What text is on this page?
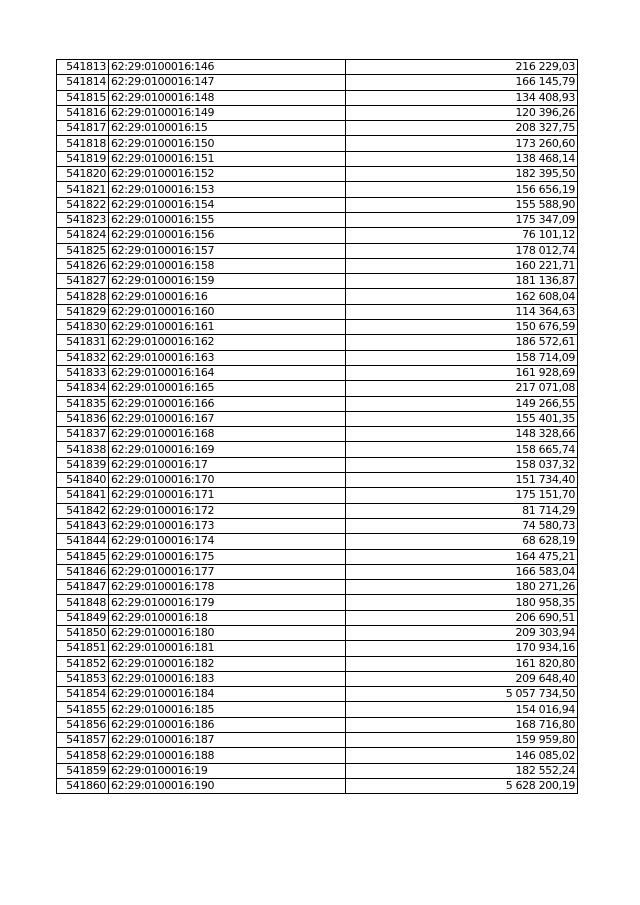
541813	62:29:0100016:146	216 229,03
541814	62:29:0100016:147	166 145,79
541815	62:29:0100016:148	134 408,93
541816	62:29:0100016:149	120 396,26
541817	62:29:0100016:15	208 327,75
541818	62:29:0100016:150	173 260,60
541819	62:29:0100016:151	138 468,14
541820	62:29:0100016:152	182 395,50
541821	62:29:0100016:153	156 656,19
541822	62:29:0100016:154	155 588,90
541823	62:29:0100016:155	175 347,09
541824	62:29:0100016:156	76 101,12
541825	62:29:0100016:157	178 012,74
541826	62:29:0100016:158	160 221,71
541827	62:29:0100016:159	181 136,87
541828	62:29:0100016:16	162 608,04
541829	62:29:0100016:160	114 364,63
541830	62:29:0100016:161	150 676,59
541831	62:29:0100016:162	186 572,61
541832	62:29:0100016:163	158 714,09
541833	62:29:0100016:164	161 928,69
541834	62:29:0100016:165	217 071,08
541835	62:29:0100016:166	149 266,55
541836	62:29:0100016:167	155 401,35
541837	62:29:0100016:168	148 328,66
541838	62:29:0100016:169	158 665,74
541839	62:29:0100016:17	158 037,32
541840	62:29:0100016:170	151 734,40
541841	62:29:0100016:171	175 151,70
541842	62:29:0100016:172	81 714,29
541843	62:29:0100016:173	74 580,73
541844	62:29:0100016:174	68 628,19
541845	62:29:0100016:175	164 475,21
541846	62:29:0100016:177	166 583,04
541847	62:29:0100016:178	180 271,26
541848	62:29:0100016:179	180 958,35
541849	62:29:0100016:18	206 690,51
541850	62:29:0100016:180	209 303,94
541851	62:29:0100016:181	170 934,16
541852	62:29:0100016:182	161 820,80
541853	62:29:0100016:183	209 648,40
541854	62:29:0100016:184	5 057 734,50
541855	62:29:0100016:185	154 016,94
541856	62:29:0100016:186	168 716,80
541857	62:29:0100016:187	159 959,80
541858	62:29:0100016:188	146 085,02
541859	62:29:0100016:19	182 552,24
541860	62:29:0100016:190	5 628 200,19
